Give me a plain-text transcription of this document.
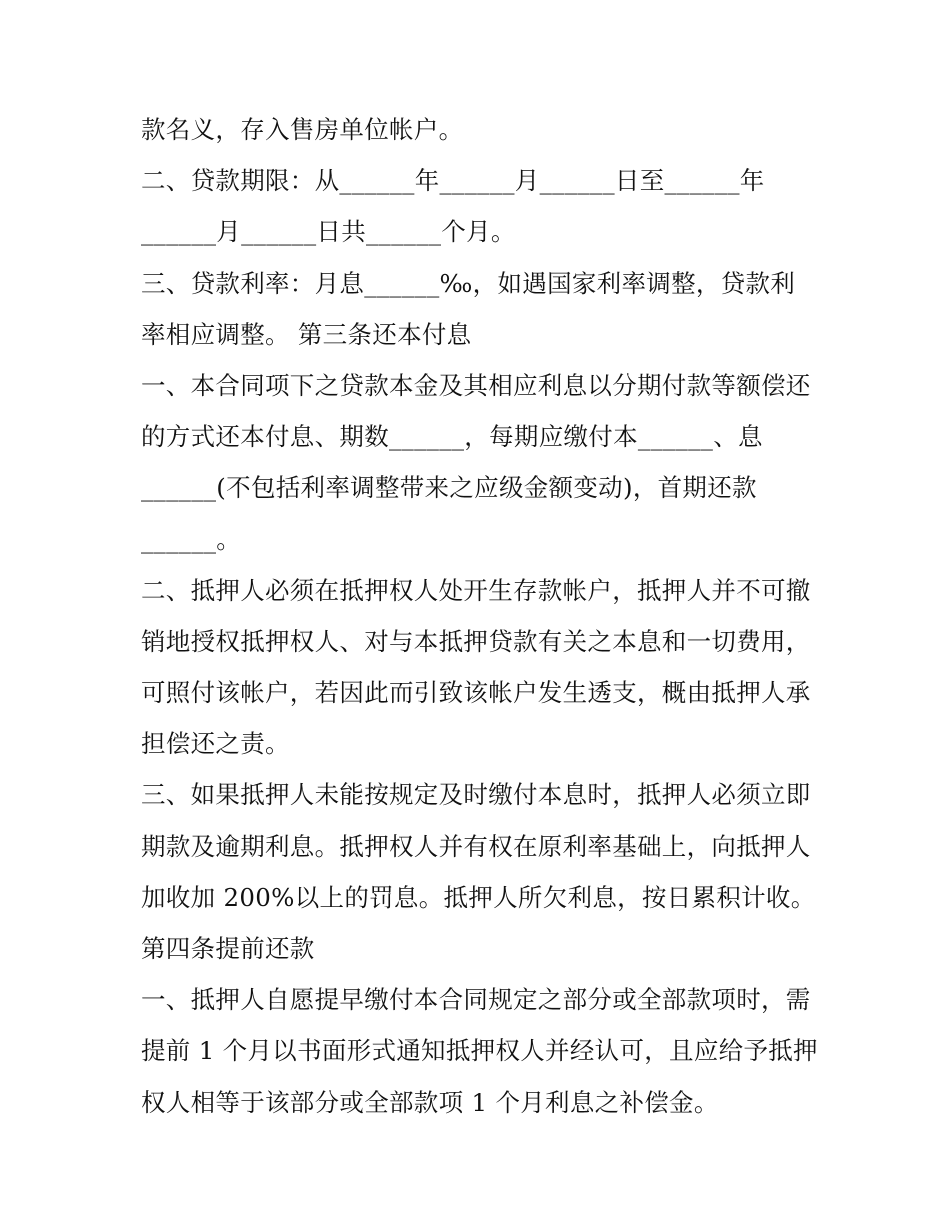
款名义，存入售房单位帐户。
二、贷款期限：从______年______月______日至______年
______月______日共______个月。
三、贷款利率：月息______‰，如遇国家利率调整，贷款利
率相应调整。 第三条还本付息
一、本合同项下之贷款本金及其相应利息以分期付款等额偿还
的方式还本付息、期数______，每期应缴付本______、息
______(不包括利率调整带来之应级金额变动)，首期还款
______。
二、抵押人必须在抵押权人处开生存款帐户，抵押人并不可撤
销地授权抵押权人、对与本抵押贷款有关之本息和一切费用，
可照付该帐户，若因此而引致该帐户发生透支，概由抵押人承
担偿还之责。
三、如果抵押人未能按规定及时缴付本息时，抵押人必须立即
期款及逾期利息。抵押权人并有权在原利率基础上，向抵押人
加收加 200%以上的罚息。抵押人所欠利息，按日累积计收。
第四条提前还款
一、抵押人自愿提早缴付本合同规定之部分或全部款项时，需
提前 1 个月以书面形式通知抵押权人并经认可，且应给予抵押
权人相等于该部分或全部款项 1 个月利息之补偿金。
